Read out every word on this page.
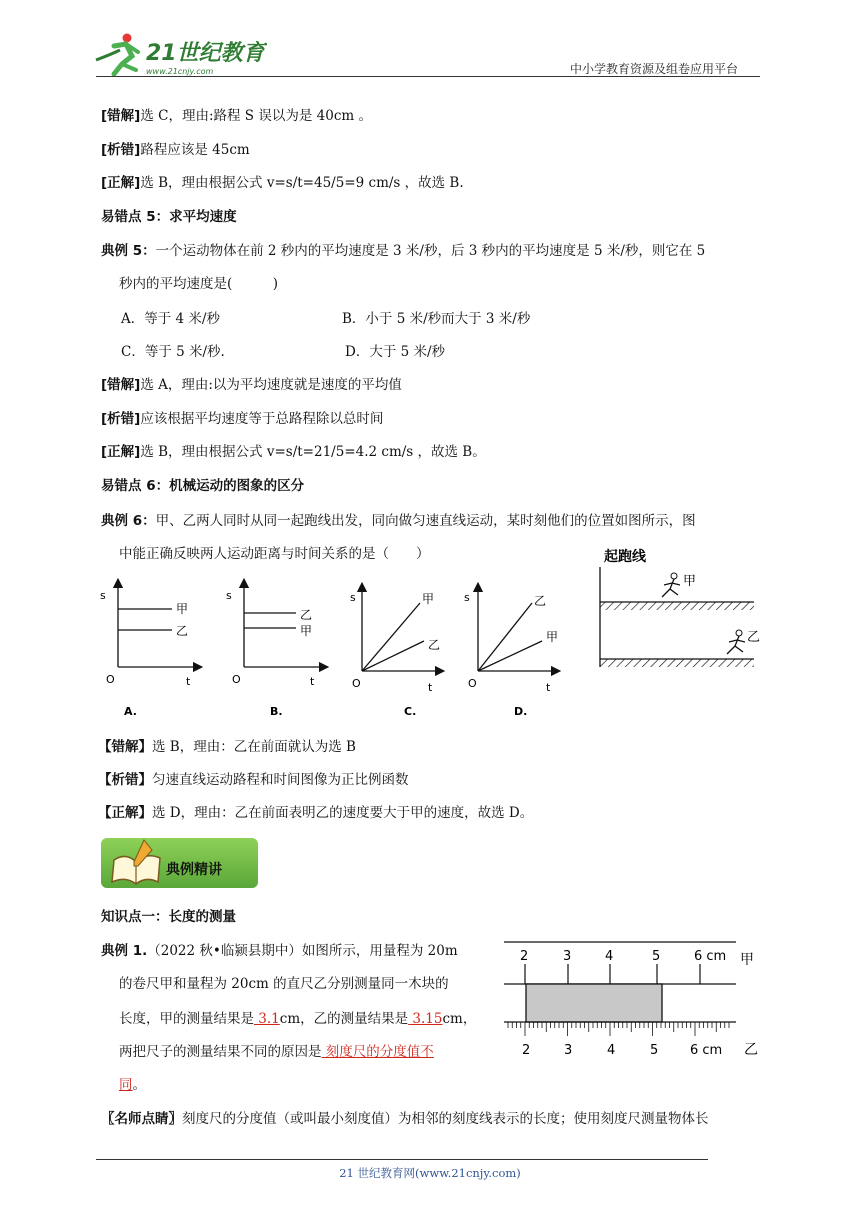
21世纪教育
www.21cnjy.com	中小学教育资源及组卷应用平台
[错解]选 C，理由:路程 S 误以为是 40cm 。
[析错]路程应该是 45cm
[正解]选 B，理由根据公式 v=s/t=45/5=9 cm/s ，故选 B.
易错点 5：求平均速度
典例 5：一个运动物体在前 2 秒内的平均速度是 3 米/秒，后 3 秒内的平均速度是 5 米/秒，则它在 5
秒内的平均速度是(　　　)
A．等于 4 米/秒	B．小于 5 米/秒而大于 3 米/秒
C．等于 5 米/秒.	D．大于 5 米/秒
[错解]选 A，理由:以为平均速度就是速度的平均值
[析错]应该根据平均速度等于总路程除以总时间
[正解]选 B，理由根据公式 v=s/t=21/5=4.2 cm/s ，故选 B。
易错点 6：机械运动的图象的区分
典例 6：甲、乙两人同时从同一起跑线出发，同向做匀速直线运动，某时刻他们的位置如图所示，图
中能正确反映两人运动距离与时间关系的是（　　）
s
O	t
甲
乙
A.
s
O	t
乙
甲
B.
s
O	t
甲
乙
C.
s
O	t
乙
甲
D.
起跑线
甲
乙
【错解】选 B，理由：乙在前面就认为选 B
【析错】匀速直线运动路程和时间图像为正比例函数
【正解】选 D，理由：乙在前面表明乙的速度要大于甲的速度，故选 D。
典例精讲
知识点一：长度的测量
典例 1.（2022 秋•临颍县期中）如图所示，用量程为 20m
的卷尺甲和量程为 20cm 的直尺乙分别测量同一木块的
长度，甲的测量结果是 3.1cm，乙的测量结果是 3.15cm，
两把尺子的测量结果不同的原因是 刻度尺的分度值不
同。
2	3	4	5	6 cm 甲
2	3	4	5 6 cm 乙
〖名师点睛〗刻度尺的分度值（或叫最小刻度值）为相邻的刻度线表示的长度；使用刻度尺测量物体长
21 世纪教育网(www.21cnjy.com)
